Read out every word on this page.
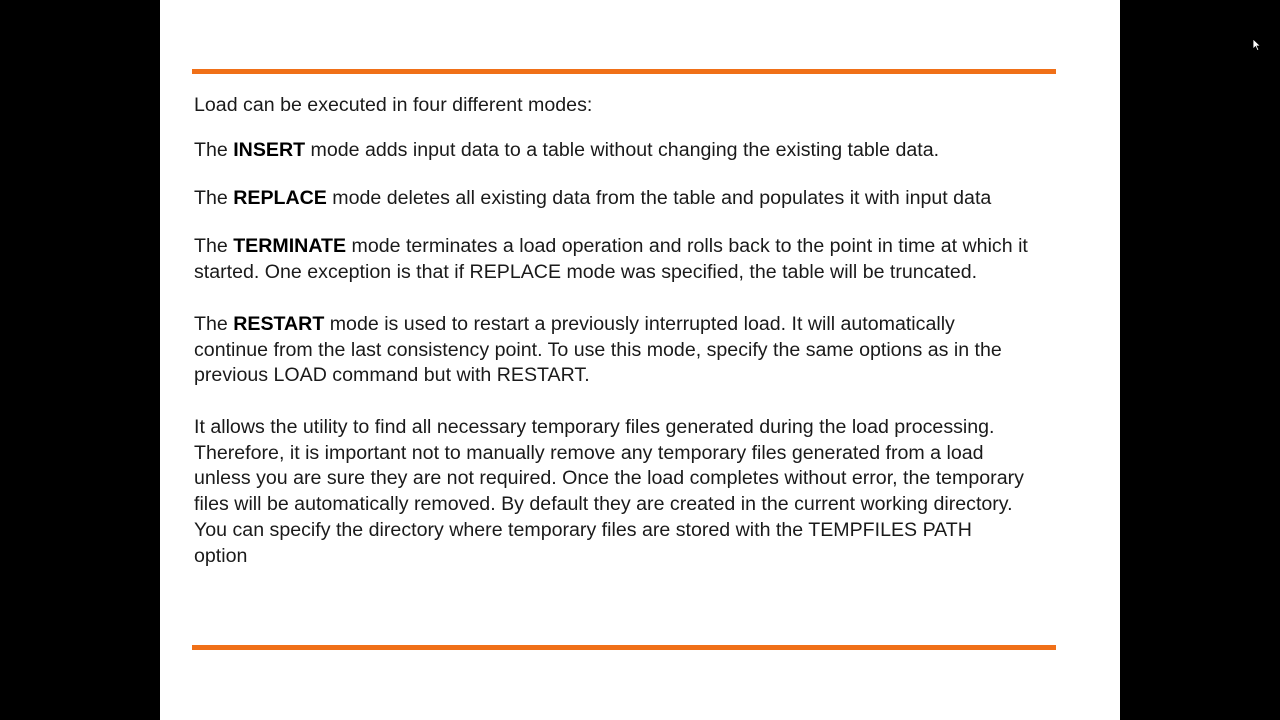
Load can be executed in four different modes:

The INSERT mode adds input data to a table without changing the existing table data.

The REPLACE mode deletes all existing data from the table and populates it with input data

The TERMINATE mode terminates a load operation and rolls back to the point in time at which it
started. One exception is that if REPLACE mode was specified, the table will be truncated.

The RESTART mode is used to restart a previously interrupted load. It will automatically
continue from the last consistency point. To use this mode, specify the same options as in the
previous LOAD command but with RESTART.

It allows the utility to find all necessary temporary files generated during the load processing.
Therefore, it is important not to manually remove any temporary files generated from a load
unless you are sure they are not required. Once the load completes without error, the temporary
files will be automatically removed. By default they are created in the current working directory.
You can specify the directory where temporary files are stored with the TEMPFILES PATH
option
